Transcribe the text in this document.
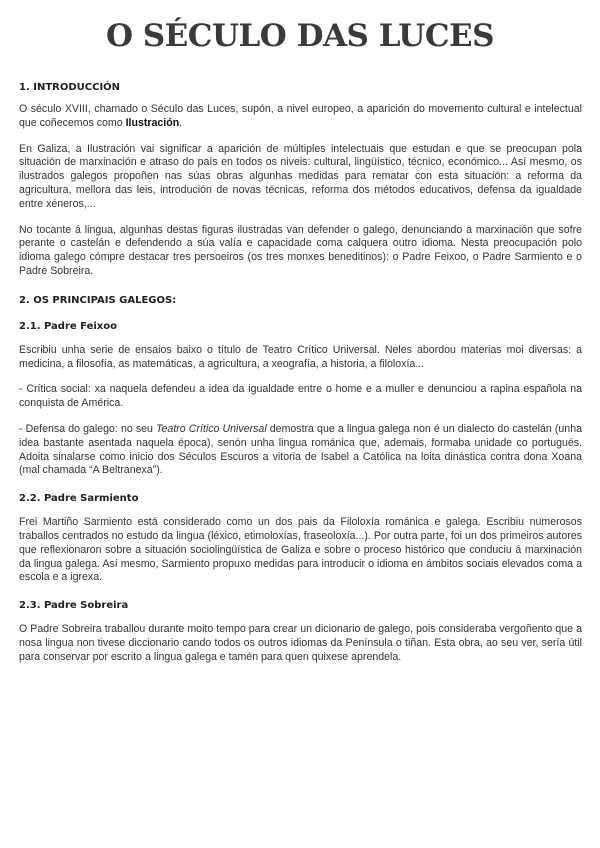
O SÉCULO DAS LUCES
1. INTRODUCCIÓN

O século XVIII, chamado o Século das Luces, supón, a nivel europeo, a aparición do movemento cultural e intelectual que coñecemos como Ilustración.

En Galiza, a Ilustración vai significar a aparición de múltiples intelectuais que estudan e que se preocupan pola situación de marxinación e atraso do país en todos os niveis: cultural, lingüístico, técnico, económico... Así mesmo, os ilustrados galegos propoñen nas súas obras algunhas medidas para rematar con esta situación: a reforma da agricultura, mellora das leis, introdución de novas técnicas, reforma dos métodos educativos, defensa da igualdade entre xéneros,...

No tocante á lingua, algunhas destas figuras ilustradas van defender o galego, denunciando a marxinación que sofre perante o castelán e defendendo a súa valía e capacidade coma calquera outro idioma. Nesta preocupación polo idioma galego cómpre destacar tres persoeiros (os tres monxes beneditinos): o Padre Feixoo, o Padre Sarmiento e o Padre Sobreira.

2. OS PRINCIPAIS GALEGOS:
2.1. Padre Feixoo

Escribiu unha serie de ensaios baixo o título de Teatro Crítico Universal. Neles abordou materias moi diversas: a medicina, a filosofía, as matemáticas, a agricultura, a xeografía, a historia, a filoloxía...

- Crítica social: xa naquela defendeu a idea da igualdade entre o home e a muller e denunciou a rapina española na conquista de América.

- Defensa do galego: no seu Teatro Crítico Universal demostra que a lingua galega non é un dialecto do castelán (unha idea bastante asentada naquela época), senón unha lingua románica que, ademais, formaba unidade co portugués. Adoita sinalarse como inicio dos Séculos Escuros a vitoria de Isabel a Católica na loita dinástica contra dona Xoana (mal chamada “A Beltranexa”).

2.2. Padre Sarmiento

Frei Martiño Sarmiento está considerado como un dos pais da Filoloxía románica e galega. Escribiu numerosos traballos centrados no estudo da lingua (léxico, etimoloxías, fraseoloxía...). Por outra parte, foi un dos primeiros autores que reflexionaron sobre a situación sociolingüística de Galiza e sobre o proceso histórico que conduciu á marxinación da lingua galega. Así mesmo, Sarmiento propuxo medidas para introducir o idioma en ámbitos sociais elevados coma a escola e a igrexa.

2.3. Padre Sobreira

O Padre Sobreira traballou durante moito tempo para crear un dicionario de galego, pois consideraba vergoñento que a nosa lingua non tivese diccionario cando todos os outros idiomas da Península o tiñan. Esta obra, ao seu ver, sería útil para conservar por escrito a lingua galega e tamén para quen quixese aprendela.
